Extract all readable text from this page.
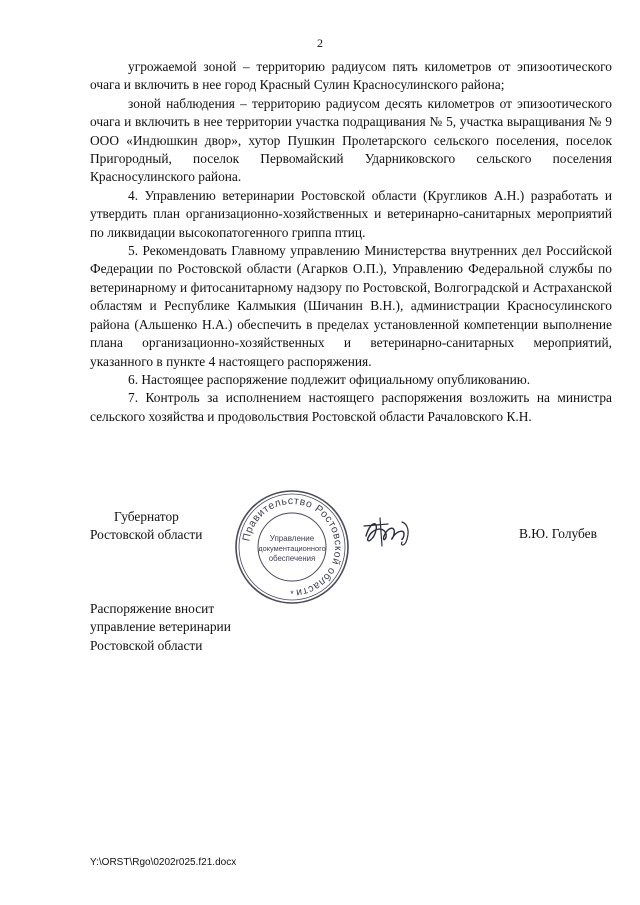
2

угрожаемой зоной – территорию радиусом пять километров от эпизоотического очага и включить в нее город Красный Сулин Красносулинского района;

зоной наблюдения – территорию радиусом десять километров от эпизоотического очага и включить в нее территории участка подращивания № 5, участка выращивания № 9 ООО «Индюшкин двор», хутор Пушкин Пролетарского сельского поселения, поселок Пригородный, поселок Первомайский Ударниковского сельского поселения Красносулинского района.

4. Управлению ветеринарии Ростовской области (Кругликов А.Н.) разработать и утвердить план организационно-хозяйственных и ветеринарно-санитарных мероприятий по ликвидации высокопатогенного гриппа птиц.

5. Рекомендовать Главному управлению Министерства внутренних дел Российской Федерации по Ростовской области (Агарков О.П.), Управлению Федеральной службы по ветеринарному и фитосанитарному надзору по Ростовской, Волгоградской и Астраханской областям и Республике Калмыкия (Шичанин В.Н.), администрации Красносулинского района (Альшенко Н.А.) обеспечить в пределах установленной компетенции выполнение плана организационно-хозяйственных и ветеринарно-санитарных мероприятий, указанного в пункте 4 настоящего распоряжения.

6. Настоящее распоряжение подлежит официальному опубликованию.

7. Контроль за исполнением настоящего распоряжения возложить на министра сельского хозяйства и продовольствия Ростовской области Рачаловского К.Н.

Губернатор
Ростовской области	Правительство Ростовской области
Управление
документационного
обеспечения
*
В.Ю. Голубев
Распоряжение вносит
управление ветеринарии
Ростовской области
Y:\ORST\Rgo\0202r025.f21.docx
